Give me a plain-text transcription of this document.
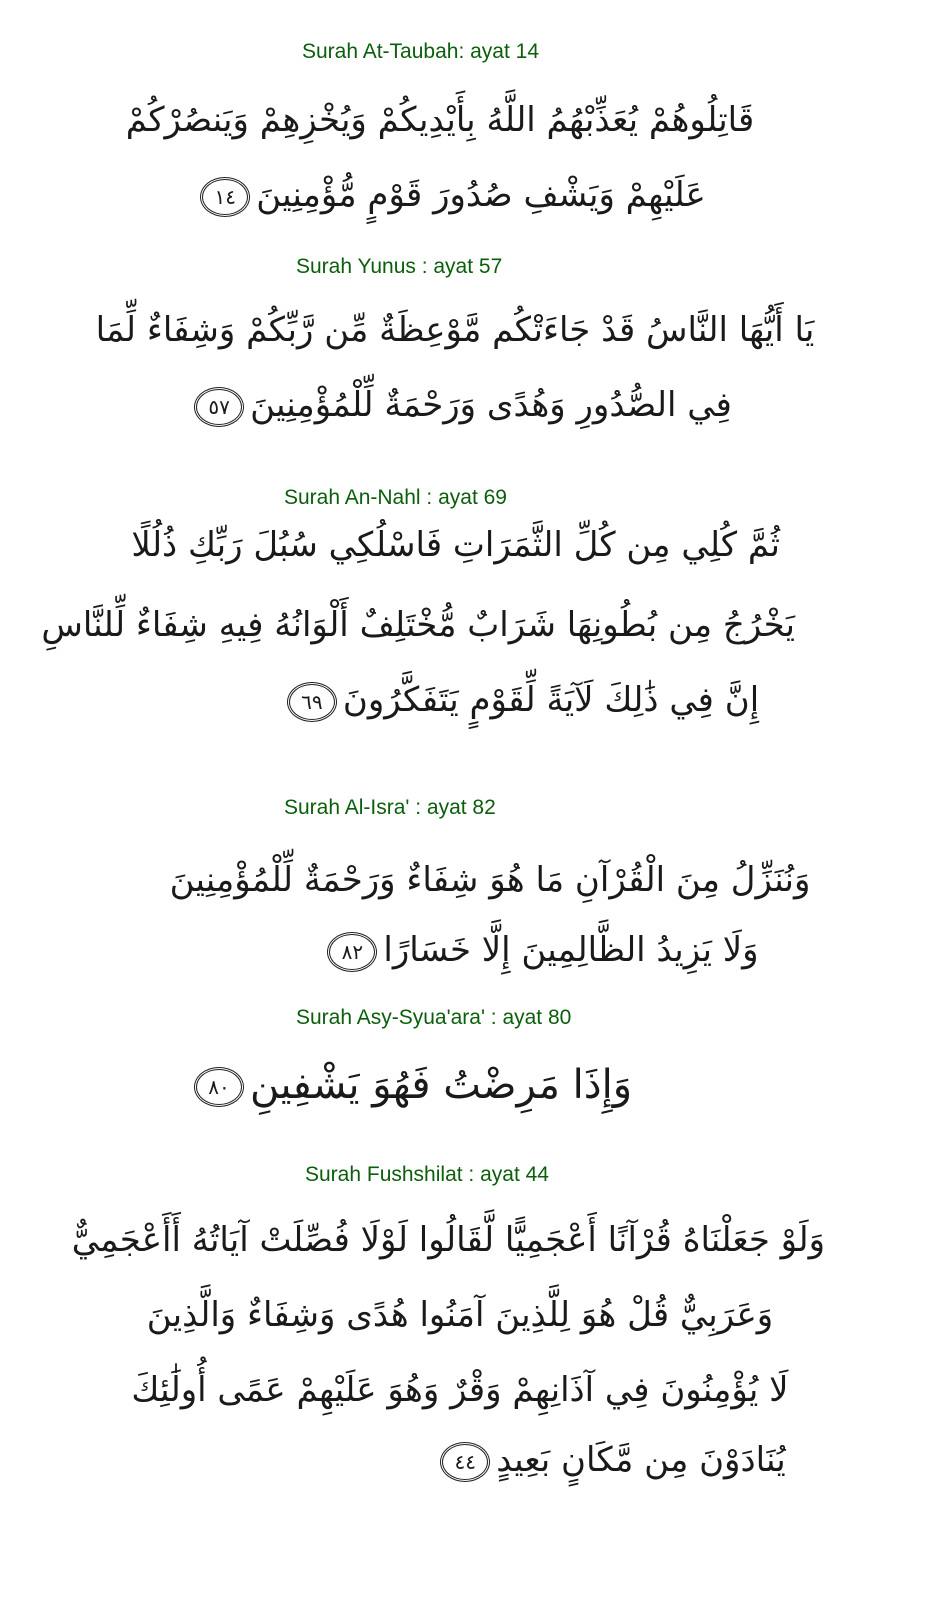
Surah At-Taubah: ayat 14
قَاتِلُوهُمْ يُعَذِّبْهُمُ اللَّهُ بِأَيْدِيكُمْ وَيُخْزِهِمْ وَيَنصُرْكُمْ
عَلَيْهِمْ وَيَشْفِ صُدُورَ قَوْمٍ مُّؤْمِنِينَ١٤
Surah Yunus : ayat 57
يَا أَيُّهَا النَّاسُ قَدْ جَاءَتْكُم مَّوْعِظَةٌ مِّن رَّبِّكُمْ وَشِفَاءٌ لِّمَا
فِي الصُّدُورِ وَهُدًى وَرَحْمَةٌ لِّلْمُؤْمِنِينَ٥٧
Surah An-Nahl : ayat 69
ثُمَّ كُلِي مِن كُلِّ الثَّمَرَاتِ فَاسْلُكِي سُبُلَ رَبِّكِ ذُلُلًا
يَخْرُجُ مِن بُطُونِهَا شَرَابٌ مُّخْتَلِفٌ أَلْوَانُهُ فِيهِ شِفَاءٌ لِّلنَّاسِ
إِنَّ فِي ذَٰلِكَ لَآيَةً لِّقَوْمٍ يَتَفَكَّرُونَ٦٩
Surah Al-Isra' : ayat 82
وَنُنَزِّلُ مِنَ الْقُرْآنِ مَا هُوَ شِفَاءٌ وَرَحْمَةٌ لِّلْمُؤْمِنِينَ
وَلَا يَزِيدُ الظَّالِمِينَ إِلَّا خَسَارًا٨٢
Surah Asy-Syua'ara' : ayat 80
وَإِذَا مَرِضْتُ فَهُوَ يَشْفِينِ٨٠
Surah Fushshilat : ayat 44
وَلَوْ جَعَلْنَاهُ قُرْآنًا أَعْجَمِيًّا لَّقَالُوا لَوْلَا فُصِّلَتْ آيَاتُهُ أَأَعْجَمِيٌّ
وَعَرَبِيٌّ قُلْ هُوَ لِلَّذِينَ آمَنُوا هُدًى وَشِفَاءٌ وَالَّذِينَ
لَا يُؤْمِنُونَ فِي آذَانِهِمْ وَقْرٌ وَهُوَ عَلَيْهِمْ عَمًى أُولَٰئِكَ
يُنَادَوْنَ مِن مَّكَانٍ بَعِيدٍ٤٤
